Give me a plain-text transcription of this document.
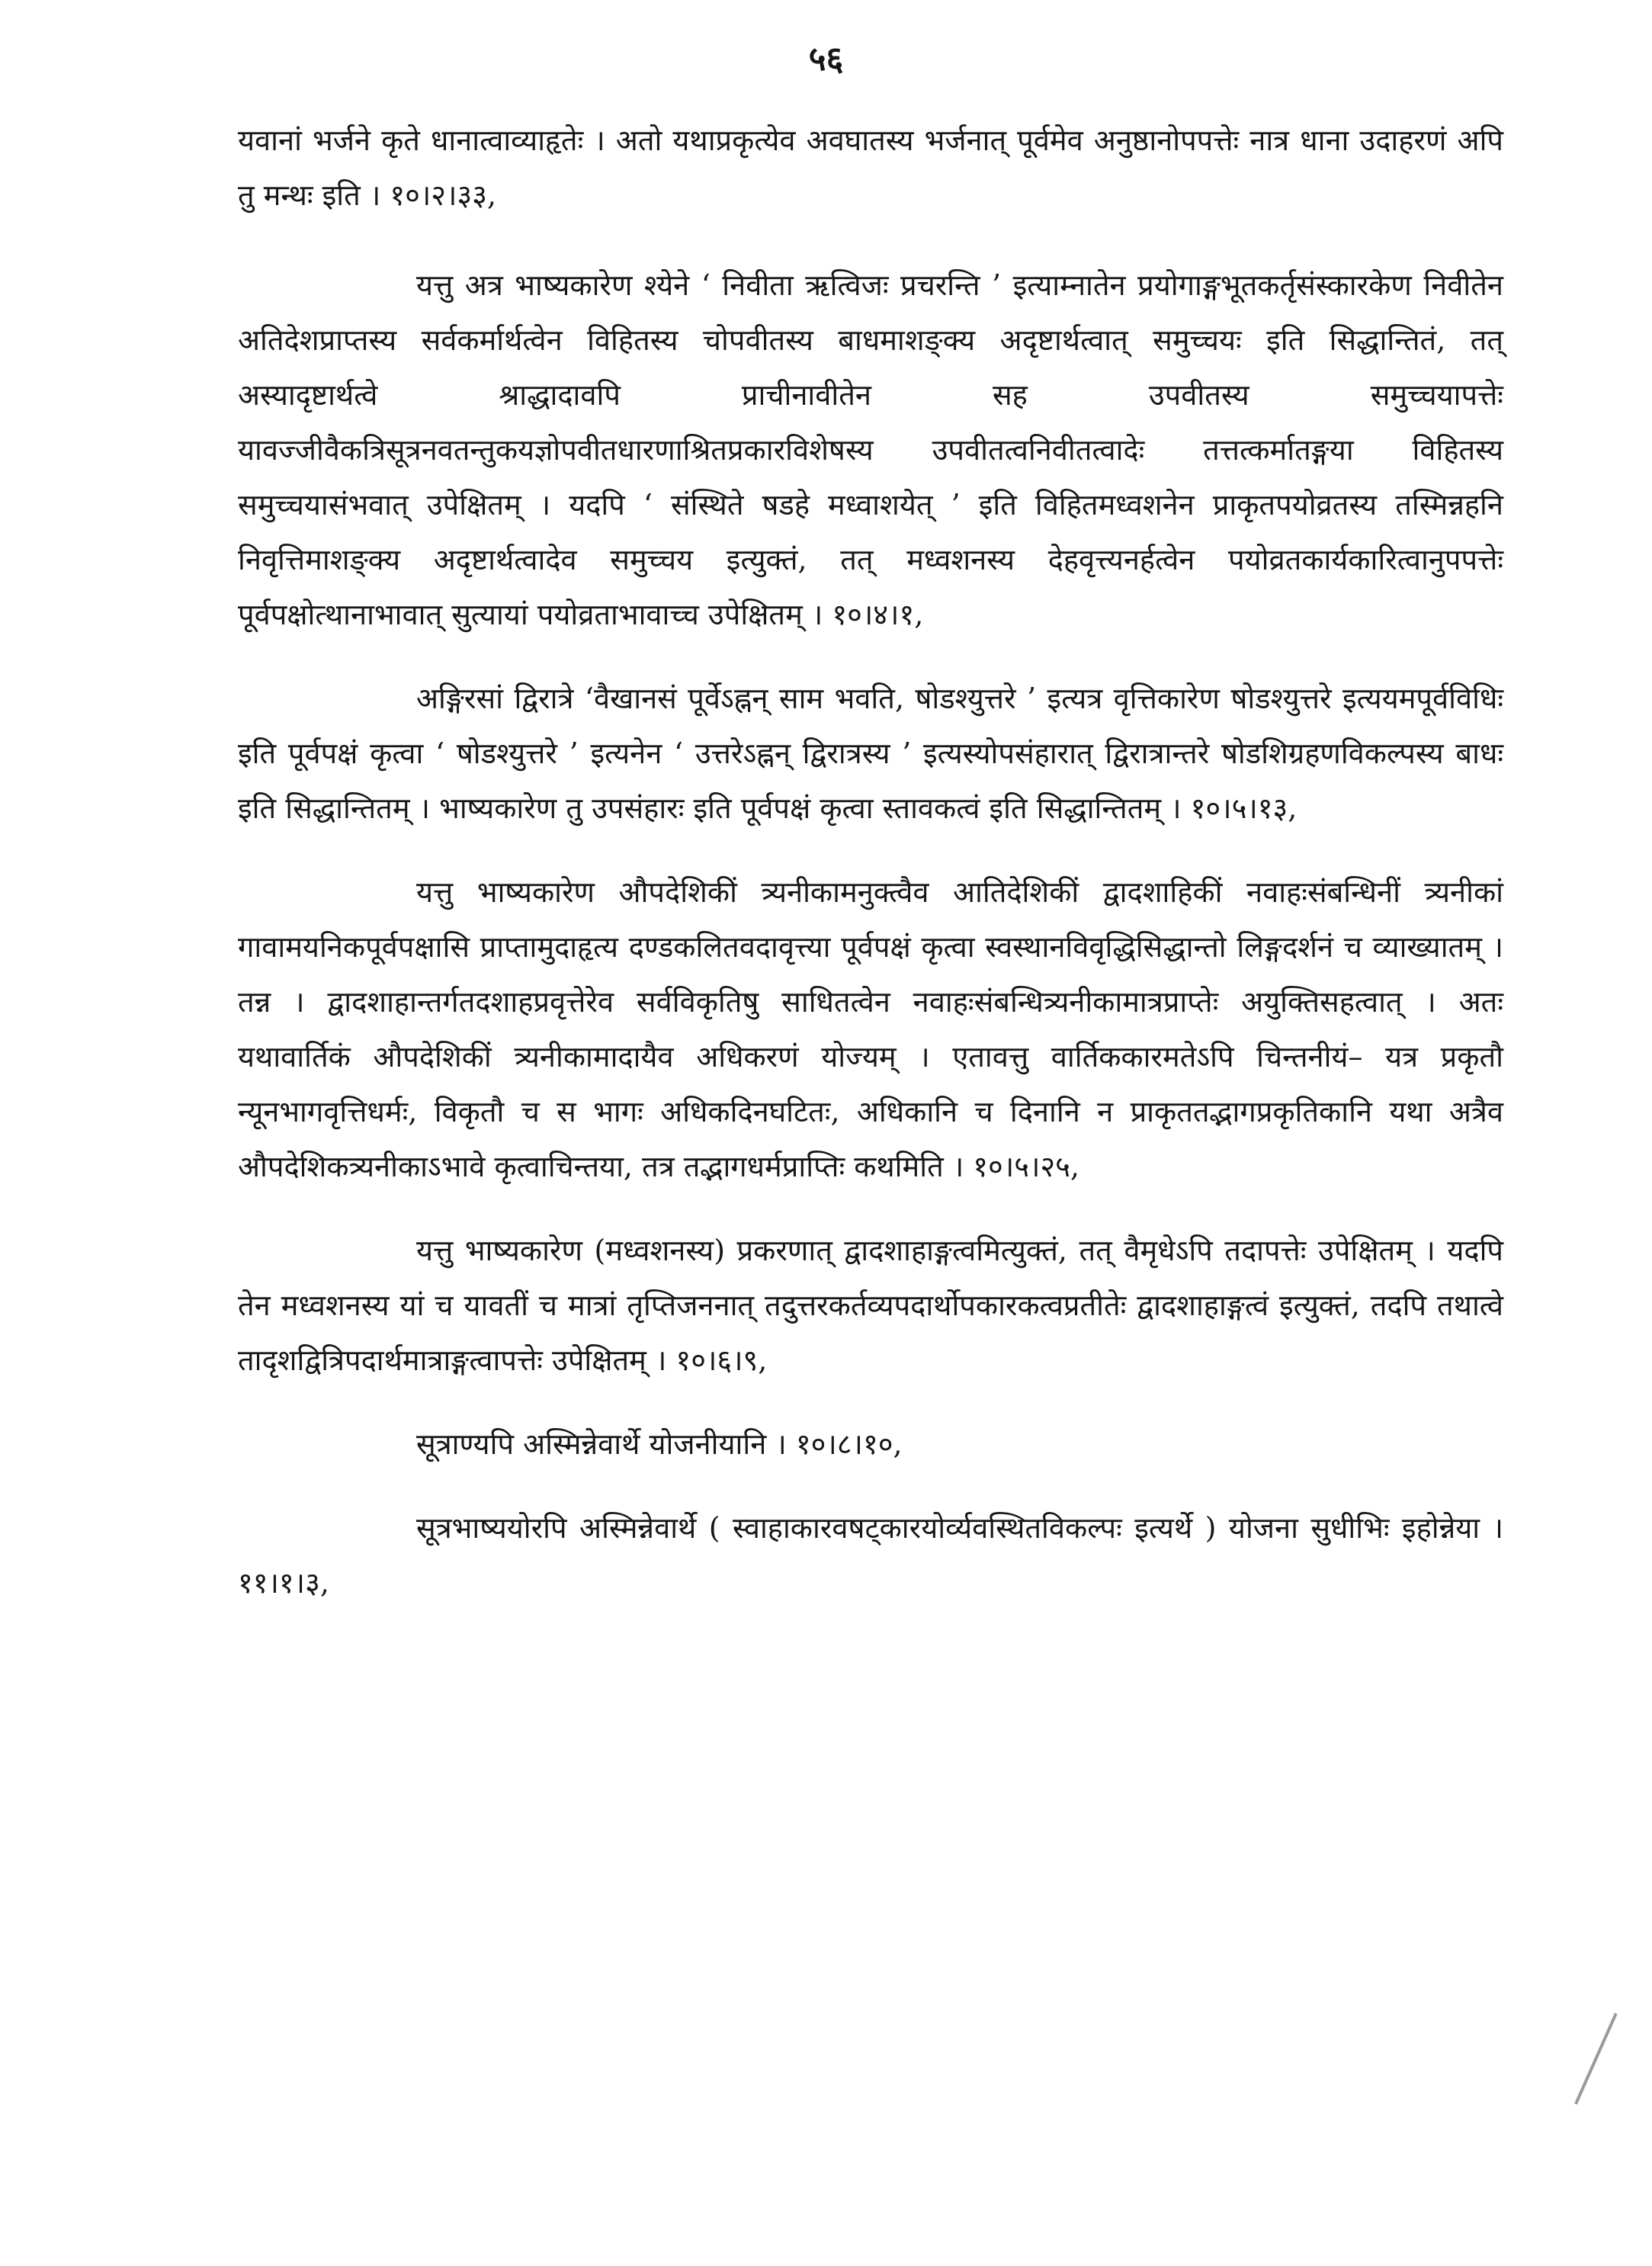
५६

यवानां भर्जने कृते धानात्वाव्याहृतेः । अतो यथाप्रकृत्येव अवघातस्य भर्जनात् पूर्वमेव अनुष्ठानोपपत्तेः नात्र धाना उदाहरणं अपि तु मन्थः इति । १०।२।३३,

यत्तु अत्र भाष्यकारेण श्येने ‘ निवीता ऋत्विजः प्रचरन्ति ’ इत्याम्नातेन प्रयोगाङ्गभूतकर्तृसंस्कारकेण निवीतेन अतिदेशप्राप्तस्य सर्वकर्मार्थत्वेन विहितस्य चोपवीतस्य बाधमाशङ्क्य अदृष्टार्थत्वात् समुच्चयः इति सिद्धान्तितं, तत् अस्यादृष्टार्थत्वे श्राद्धादावपि प्राचीनावीतेन सह उपवीतस्य समुच्चयापत्तेः यावज्जीवैकत्रिसूत्रनवतन्तुकयज्ञोपवीतधारणाश्रितप्रकारविशेषस्य उपवीतत्वनिवीतत्वादेः तत्तत्कर्मातङ्गया विहितस्य समुच्चयासंभवात् उपेक्षितम् । यदपि ‘ संस्थिते षडहे मध्वाशयेत् ’ इति विहितमध्वशनेन प्राकृतपयोव्रतस्य तस्मिन्नहनि निवृत्तिमाशङ्क्य अदृष्टार्थत्वादेव समुच्चय इत्युक्तं, तत् मध्वशनस्य देहवृत्त्यनर्हत्वेन पयोव्रतकार्यकारित्वानुपपत्तेः पूर्वपक्षोत्थानाभावात् सुत्यायां पयोव्रताभावाच्च उपेक्षितम् । १०।४।१,

अङ्गिरसां द्विरात्रे ‘वैखानसं पूर्वेऽह्नन् साम भवति, षोडश्युत्तरे ’ इत्यत्र वृत्तिकारेण षोडश्युत्तरे इत्ययमपूर्वविधिः इति पूर्वपक्षं कृत्वा ‘ षोडश्युत्तरे ’ इत्यनेन ‘ उत्तरेऽह्नन् द्विरात्रस्य ’ इत्यस्योपसंहारात् द्विरात्रान्तरे षोडशिग्रहणविकल्पस्य बाधः इति सिद्धान्तितम् । भाष्यकारेण तु उपसंहारः इति पूर्वपक्षं कृत्वा स्तावकत्वं इति सिद्धान्तितम् । १०।५।१३,

यत्तु भाष्यकारेण औपदेशिकीं त्र्यनीकामनुक्त्वैव आतिदेशिकीं द्वादशाहिकीं नवाहःसंबन्धिनीं त्र्यनीकां गावामयनिकपूर्वपक्षासि प्राप्तामुदाहृत्य दण्डकलितवदावृत्त्या पूर्वपक्षं कृत्वा स्वस्थानविवृद्धिसिद्धान्तो लिङ्गदर्शनं च व्याख्यातम् । तन्न । द्वादशाहान्तर्गतदशाहप्रवृत्तेरेव सर्वविकृतिषु साधितत्वेन नवाहःसंबन्धित्र्यनीकामात्रप्राप्तेः अयुक्तिसहत्वात् । अतः यथावार्तिकं औपदेशिकीं त्र्यनीकामादायैव अधिकरणं योज्यम् । एतावत्तु वार्तिककारमतेऽपि चिन्तनीयं– यत्र प्रकृतौ न्यूनभागवृत्तिधर्मः, विकृतौ च स भागः अधिकदिनघटितः, अधिकानि च दिनानि न प्राकृततद्भागप्रकृतिकानि यथा अत्रैव औपदेशिकत्र्यनीकाऽभावे कृत्वाचिन्तया, तत्र तद्भागधर्मप्राप्तिः कथमिति । १०।५।२५,

यत्तु भाष्यकारेण (मध्वशनस्य) प्रकरणात् द्वादशाहाङ्गत्वमित्युक्तं, तत् वैमृधेऽपि तदापत्तेः उपेक्षितम् । यदपि तेन मध्वशनस्य यां च यावतीं च मात्रां तृप्तिजननात् तदुत्तरकर्तव्यपदार्थोपकारकत्वप्रतीतेः द्वादशाहाङ्गत्वं इत्युक्तं, तदपि तथात्वे तादृशद्वित्रिपदार्थमात्राङ्गत्वापत्तेः उपेक्षितम् । १०।६।९,

सूत्राण्यपि अस्मिन्नेवार्थे योजनीयानि । १०।८।१०,

सूत्रभाष्ययोरपि अस्मिन्नेवार्थे ( स्वाहाकारवषट्कारयोर्व्यवस्थितविकल्पः इत्यर्थे ) योजना सुधीभिः इहोन्नेया । ११।१।३,
